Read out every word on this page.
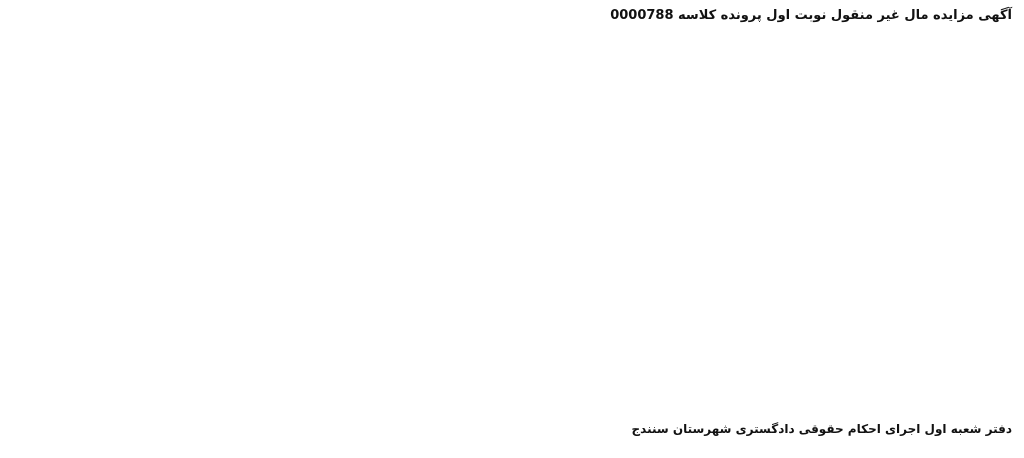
آگهی مزایده مال غیر منقول نوبت اول پرونده کلاسه 0000788
دفتر شعبه اول اجرای احکام حقوقی دادگستری شهرستان سنندج
